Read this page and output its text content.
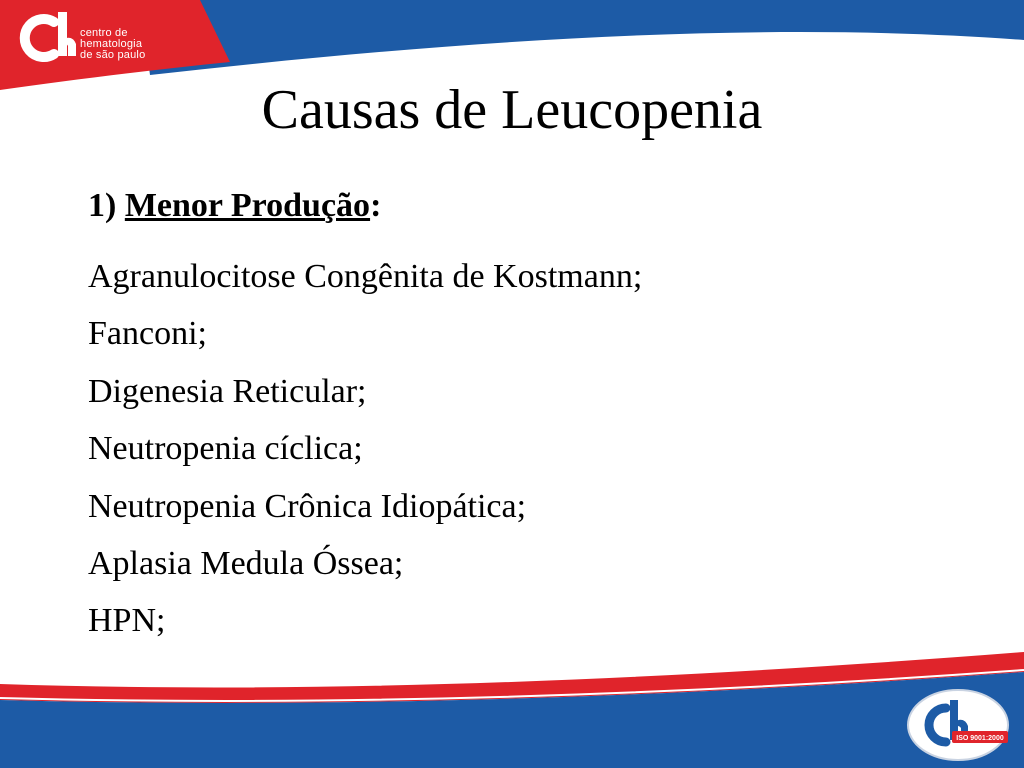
centro de
hematologia
de são paulo
Causas de Leucopenia
1) Menor Produção:
Agranulocitose Congênita de Kostmann;
Fanconi;
Digenesia Reticular;
Neutropenia cíclica;
Neutropenia Crônica Idiopática;
Aplasia Medula Óssea;
HPN;
ISO 9001:2000
